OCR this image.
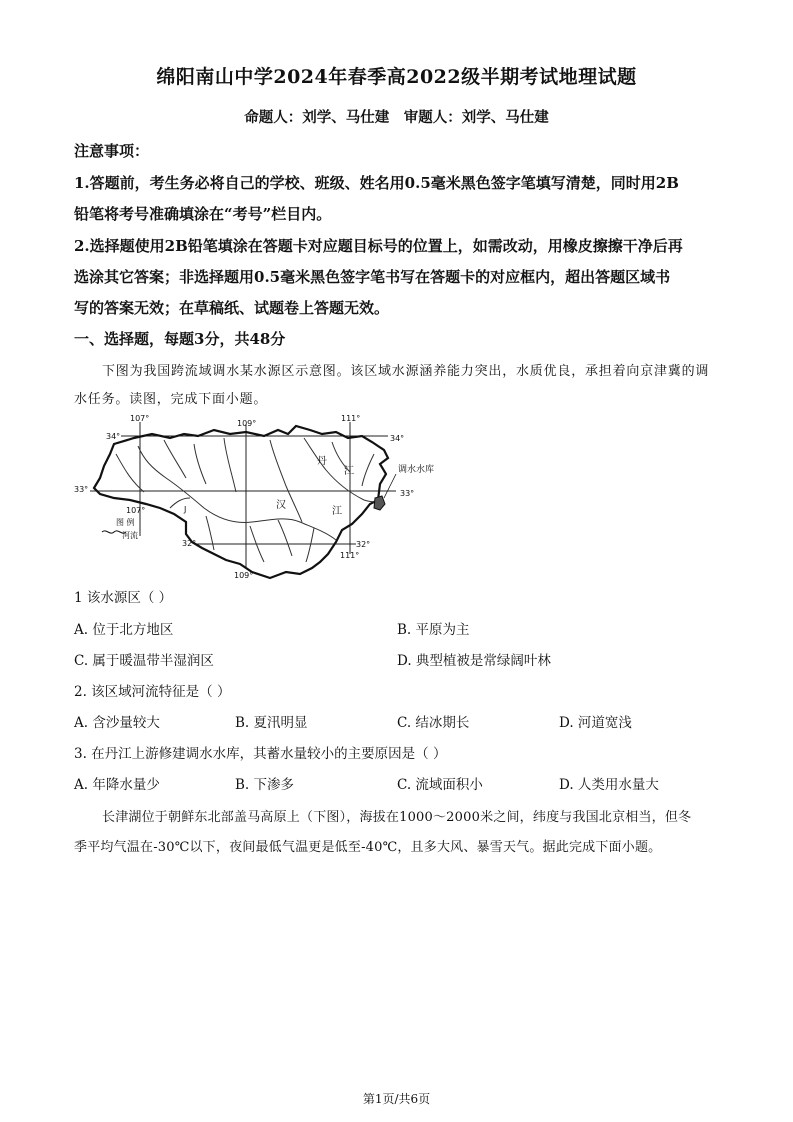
绵阳南山中学2024年春季高2022级半期考试地理试题
命题人：刘学、马仕建　审题人：刘学、马仕建
注意事项：
1.答题前，考生务必将自己的学校、班级、姓名用0.5毫米黑色签字笔填写清楚，同时用2B
铅笔将考号准确填涂在“考号”栏目内。
2.选择题使用2B铅笔填涂在答题卡对应题目标号的位置上，如需改动，用橡皮擦擦干净后再
选涂其它答案；非选择题用0.5毫米黑色签字笔书写在答题卡的对应框内，超出答题区域书
写的答案无效；在草稿纸、试题卷上答题无效。
一、选择题，每题3分，共48分
下图为我国跨流域调水某水源区示意图。该区域水源涵养能力突出，水质优良，承担着向京津冀的调
水任务。读图，完成下面小题。
107°
109°
111°
34°	34°
33°	33°
107°
32°	32°
111°
109°
丹
江
汉
江
J
调水水库
图 例
河流
1 该水源区（ ）
A. 位于北方地区	B. 平原为主
C. 属于暖温带半湿润区	D. 典型植被是常绿阔叶林
2. 该区域河流特征是（ ）
A. 含沙量较大	B. 夏汛明显	C. 结冰期长	D. 河道宽浅
3. 在丹江上游修建调水水库，其蓄水量较小的主要原因是（ ）
A. 年降水量少	B. 下渗多	C. 流域面积小	D. 人类用水量大
长津湖位于朝鲜东北部盖马高原上（下图），海拔在1000～2000米之间，纬度与我国北京相当，但冬
季平均气温在-30℃以下，夜间最低气温更是低至-40℃，且多大风、暴雪天气。据此完成下面小题。
第1页/共6页
